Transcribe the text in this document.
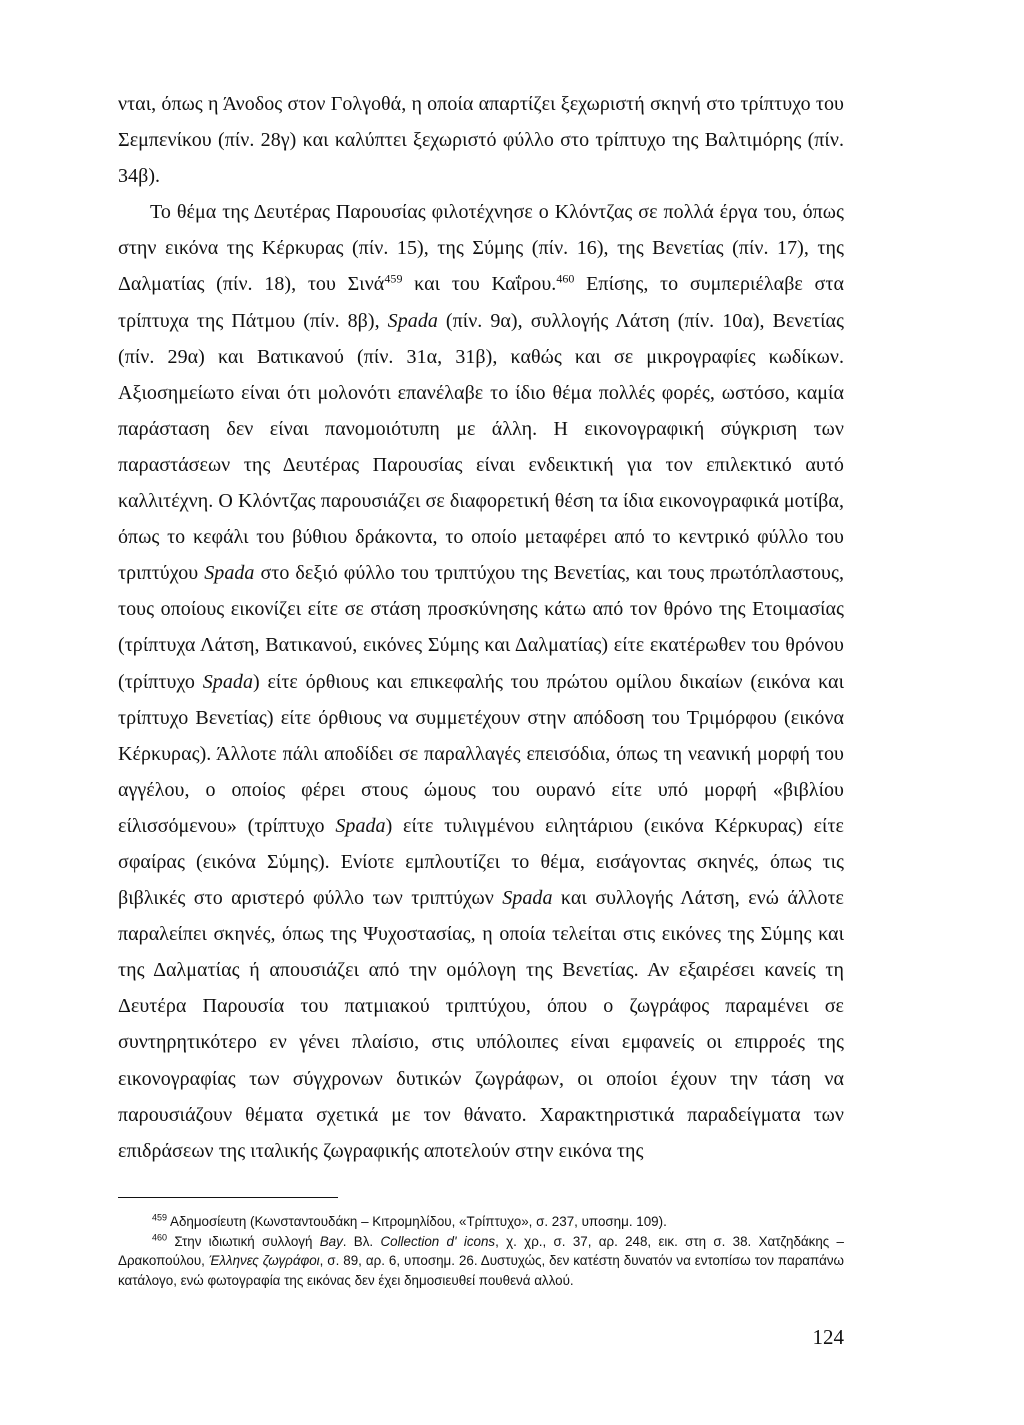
νται, όπως η Άνοδος στον Γολγοθά, η οποία απαρτίζει ξεχωριστή σκηνή στο τρίπτυχο του Σεμπενίκου (πίν. 28γ) και καλύπτει ξεχωριστό φύλλο στο τρίπτυχο της Βαλτιμόρης (πίν. 34β).

Το θέμα της Δευτέρας Παρουσίας φιλοτέχνησε ο Κλόντζας σε πολλά έργα του, όπως στην εικόνα της Κέρκυρας (πίν. 15), της Σύμης (πίν. 16), της Βενετίας (πίν. 17), της Δαλματίας (πίν. 18), του Σινά$^{459}$ και του Καΐρου.$^{460}$ Επίσης, το συμπεριέλαβε στα τρίπτυχα της Πάτμου (πίν. 8β), Spada (πίν. 9α), συλλογής Λάτση (πίν. 10α), Βενετίας (πίν. 29α) και Βατικανού (πίν. 31α, 31β), καθώς και σε μικρογραφίες κωδίκων. Αξιοσημείωτο είναι ότι μολονότι επανέλαβε το ίδιο θέμα πολλές φορές, ωστόσο, καμία παράσταση δεν είναι πανομοιότυπη με άλλη. Η εικονογραφική σύγκριση των παραστάσεων της Δευτέρας Παρουσίας είναι ενδεικτική για τον επιλεκτικό αυτό καλλιτέχνη. Ο Κλόντζας παρουσιάζει σε διαφορετική θέση τα ίδια εικονογραφικά μοτίβα, όπως το κεφάλι του βύθιου δράκοντα, το οποίο μεταφέρει από το κεντρικό φύλλο του τριπτύχου Spada στο δεξιό φύλλο του τριπτύχου της Βενετίας, και τους πρωτόπλαστους, τους οποίους εικονίζει είτε σε στάση προσκύνησης κάτω από τον θρόνο της Ετοιμασίας (τρίπτυχα Λάτση, Βατικανού, εικόνες Σύμης και Δαλματίας) είτε εκατέρωθεν του θρόνου (τρίπτυχο Spada) είτε όρθιους και επικεφαλής του πρώτου ομίλου δικαίων (εικόνα και τρίπτυχο Βενετίας) είτε όρθιους να συμμετέχουν στην απόδοση του Τριμόρφου (εικόνα Κέρκυρας). Άλλοτε πάλι αποδίδει σε παραλλαγές επεισόδια, όπως τη νεανική μορφή του αγγέλου, ο οποίος φέρει στους ώμους του ουρανό είτε υπό μορφή «βιβλίου είλισσόμενου» (τρίπτυχο Spada) είτε τυλιγμένου ειλητάριου (εικόνα Κέρκυρας) είτε σφαίρας (εικόνα Σύμης). Ενίοτε εμπλουτίζει το θέμα, εισάγοντας σκηνές, όπως τις βιβλικές στο αριστερό φύλλο των τριπτύχων Spada και συλλογής Λάτση, ενώ άλλοτε παραλείπει σκηνές, όπως της Ψυχοστασίας, η οποία τελείται στις εικόνες της Σύμης και της Δαλματίας ή απουσιάζει από την ομόλογη της Βενετίας. Αν εξαιρέσει κανείς τη Δευτέρα Παρουσία του πατμιακού τριπτύχου, όπου ο ζωγράφος παραμένει σε συντηρητικότερο εν γένει πλαίσιο, στις υπόλοιπες είναι εμφανείς οι επιρροές της εικονογραφίας των σύγχρονων δυτικών ζωγράφων, οι οποίοι έχουν την τάση να παρουσιάζουν θέματα σχετικά με τον θάνατο. Χαρακτηριστικά παραδείγματα των επιδράσεων της ιταλικής ζωγραφικής αποτελούν στην εικόνα της

$^{459}$ Αδημοσίευτη (Κωνσταντουδάκη – Κιτρομηλίδου, «Τρίπτυχο», σ. 237, υποσημ. 109).

$^{460}$ Στην ιδιωτική συλλογή Bay. Βλ. Collection d' icons, χ. χρ., σ. 37, αρ. 248, εικ. στη σ. 38. Χατζηδάκης – Δρακοπούλου, Έλληνες ζωγράφοι, σ. 89, αρ. 6, υποσημ. 26. Δυστυχώς, δεν κατέστη δυνατόν να εντοπίσω τον παραπάνω κατάλογο, ενώ φωτογραφία της εικόνας δεν έχει δημοσιευθεί πουθενά αλλού.

124
